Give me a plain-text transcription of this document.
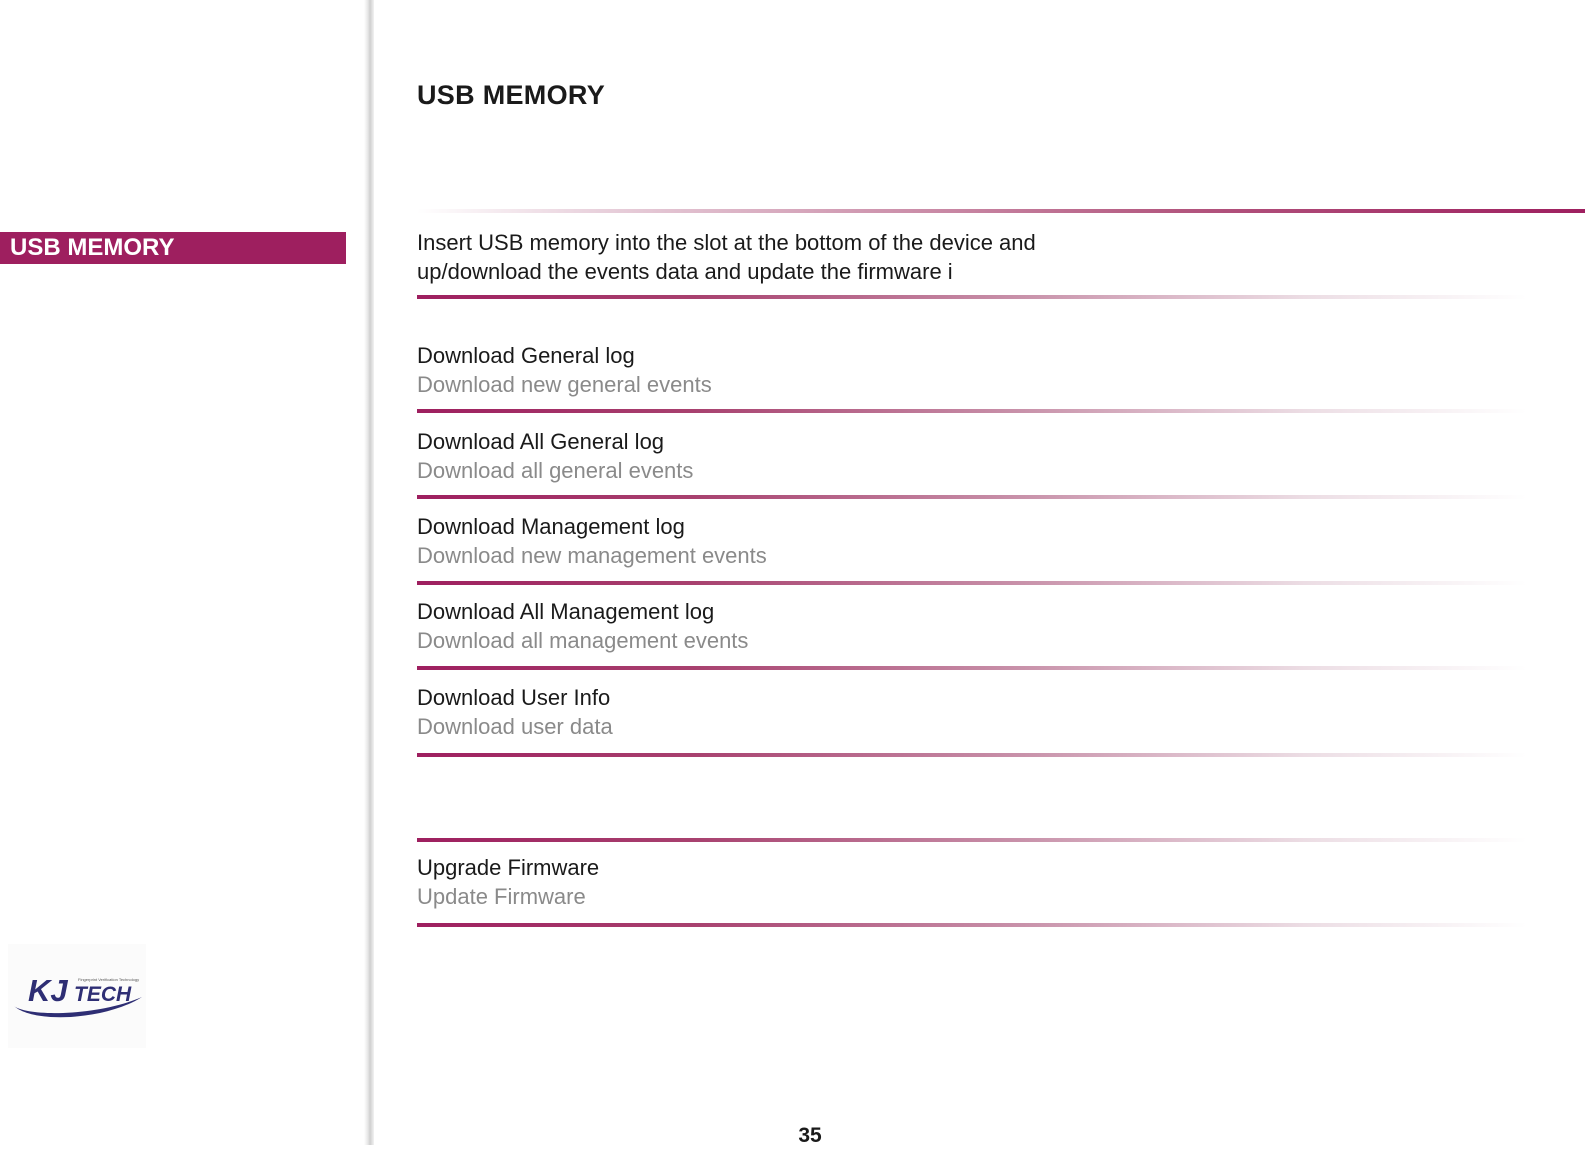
USB MEMORY
USB MEMORY
Insert USB memory into the slot at the bottom of the device and
up/download the events data and update the firmware i
Download General log
Download new general events
Download All General log
Download all general events
Download Management log
Download new management events
Download All Management log
Download all management events
Download User Info
Download user data
Upgrade Firmware
Update Firmware
KJ TECH
Fingerprint Verification Technology
35
